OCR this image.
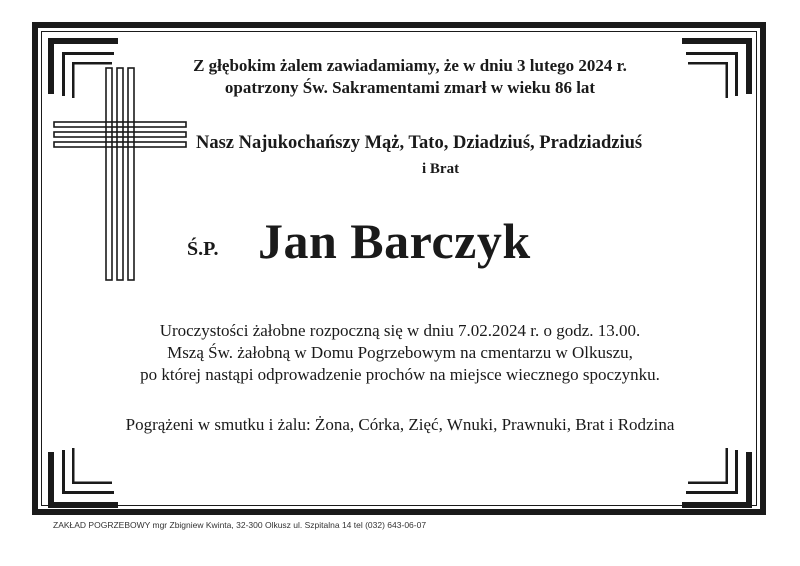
Z głębokim żalem zawiadamiamy, że w dniu 3 lutego 2024 r.
opatrzony Św. Sakramentami zmarł w wieku 86 lat
Nasz Najukochańszy Mąż, Tato, Dziadziuś, Pradziadziuś
i Brat
Ś.P. Jan Barczyk
Uroczystości żałobne rozpoczną się w dniu 7.02.2024 r. o godz. 13.00.
Mszą Św. żałobną w Domu Pogrzebowym na cmentarzu w Olkuszu,
po której nastąpi odprowadzenie prochów na miejsce wiecznego spoczynku.
Pogrążeni w smutku i żalu: Żona, Córka, Zięć, Wnuki, Prawnuki, Brat i Rodzina
ZAKŁAD POGRZEBOWY mgr Zbigniew Kwinta, 32-300 Olkusz ul. Szpitalna 14 tel (032) 643-06-07
